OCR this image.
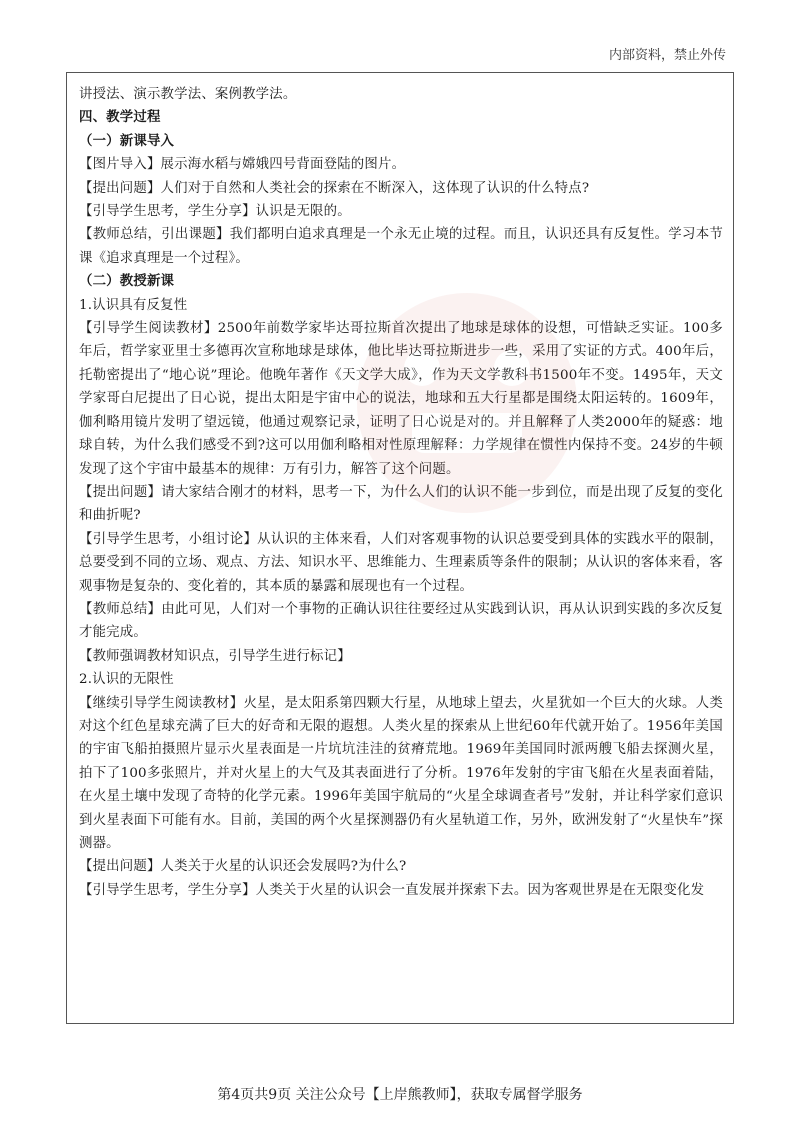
内部资料，禁止外传

讲授法、演示教学法、案例教学法。

四、教学过程

（一）新课导入

【图片导入】展示海水稻与嫦娥四号背面登陆的图片。

【提出问题】人们对于自然和人类社会的探索在不断深入，这体现了认识的什么特点?

【引导学生思考，学生分享】认识是无限的。

【教师总结，引出课题】我们都明白追求真理是一个永无止境的过程。而且，认识还具有反复性。学习本节课《追求真理是一个过程》。

（二）教授新课

1.认识具有反复性

【引导学生阅读教材】2500年前数学家毕达哥拉斯首次提出了地球是球体的设想，可惜缺乏实证。100多年后，哲学家亚里士多德再次宣称地球是球体，他比毕达哥拉斯进步一些，采用了实证的方式。400年后，托勒密提出了“地心说”理论。他晚年著作《天文学大成》，作为天文学教科书1500年不变。1495年，天文学家哥白尼提出了日心说，提出太阳是宇宙中心的说法，地球和五大行星都是围绕太阳运转的。1609年，伽利略用镜片发明了望远镜，他通过观察记录，证明了日心说是对的。并且解释了人类2000年的疑惑：地球自转，为什么我们感受不到?这可以用伽利略相对性原理解释：力学规律在惯性内保持不变。24岁的牛顿发现了这个宇宙中最基本的规律：万有引力，解答了这个问题。

【提出问题】请大家结合刚才的材料，思考一下，为什么人们的认识不能一步到位，而是出现了反复的变化和曲折呢?

【引导学生思考，小组讨论】从认识的主体来看，人们对客观事物的认识总要受到具体的实践水平的限制，总要受到不同的立场、观点、方法、知识水平、思维能力、生理素质等条件的限制；从认识的客体来看，客观事物是复杂的、变化着的，其本质的暴露和展现也有一个过程。

【教师总结】由此可见，人们对一个事物的正确认识往往要经过从实践到认识，再从认识到实践的多次反复才能完成。

【教师强调教材知识点，引导学生进行标记】

2.认识的无限性

【继续引导学生阅读教材】火星，是太阳系第四颗大行星，从地球上望去，火星犹如一个巨大的火球。人类对这个红色星球充满了巨大的好奇和无限的遐想。人类火星的探索从上世纪60年代就开始了。1956年美国的宇宙飞船拍摄照片显示火星表面是一片坑坑洼洼的贫瘠荒地。1969年美国同时派两艘飞船去探测火星，拍下了100多张照片，并对火星上的大气及其表面进行了分析。1976年发射的宇宙飞船在火星表面着陆，在火星土壤中发现了奇特的化学元素。1996年美国宇航局的“火星全球调查者号”发射，并让科学家们意识到火星表面下可能有水。目前，美国的两个火星探测器仍有火星轨道工作，另外，欧洲发射了“火星快车”探测器。

【提出问题】人类关于火星的认识还会发展吗?为什么?

【引导学生思考，学生分享】人类关于火星的认识会一直发展并探索下去。因为客观世界是在无限变化发

第4页共9页 关注公众号【上岸熊教师】，获取专属督学服务
